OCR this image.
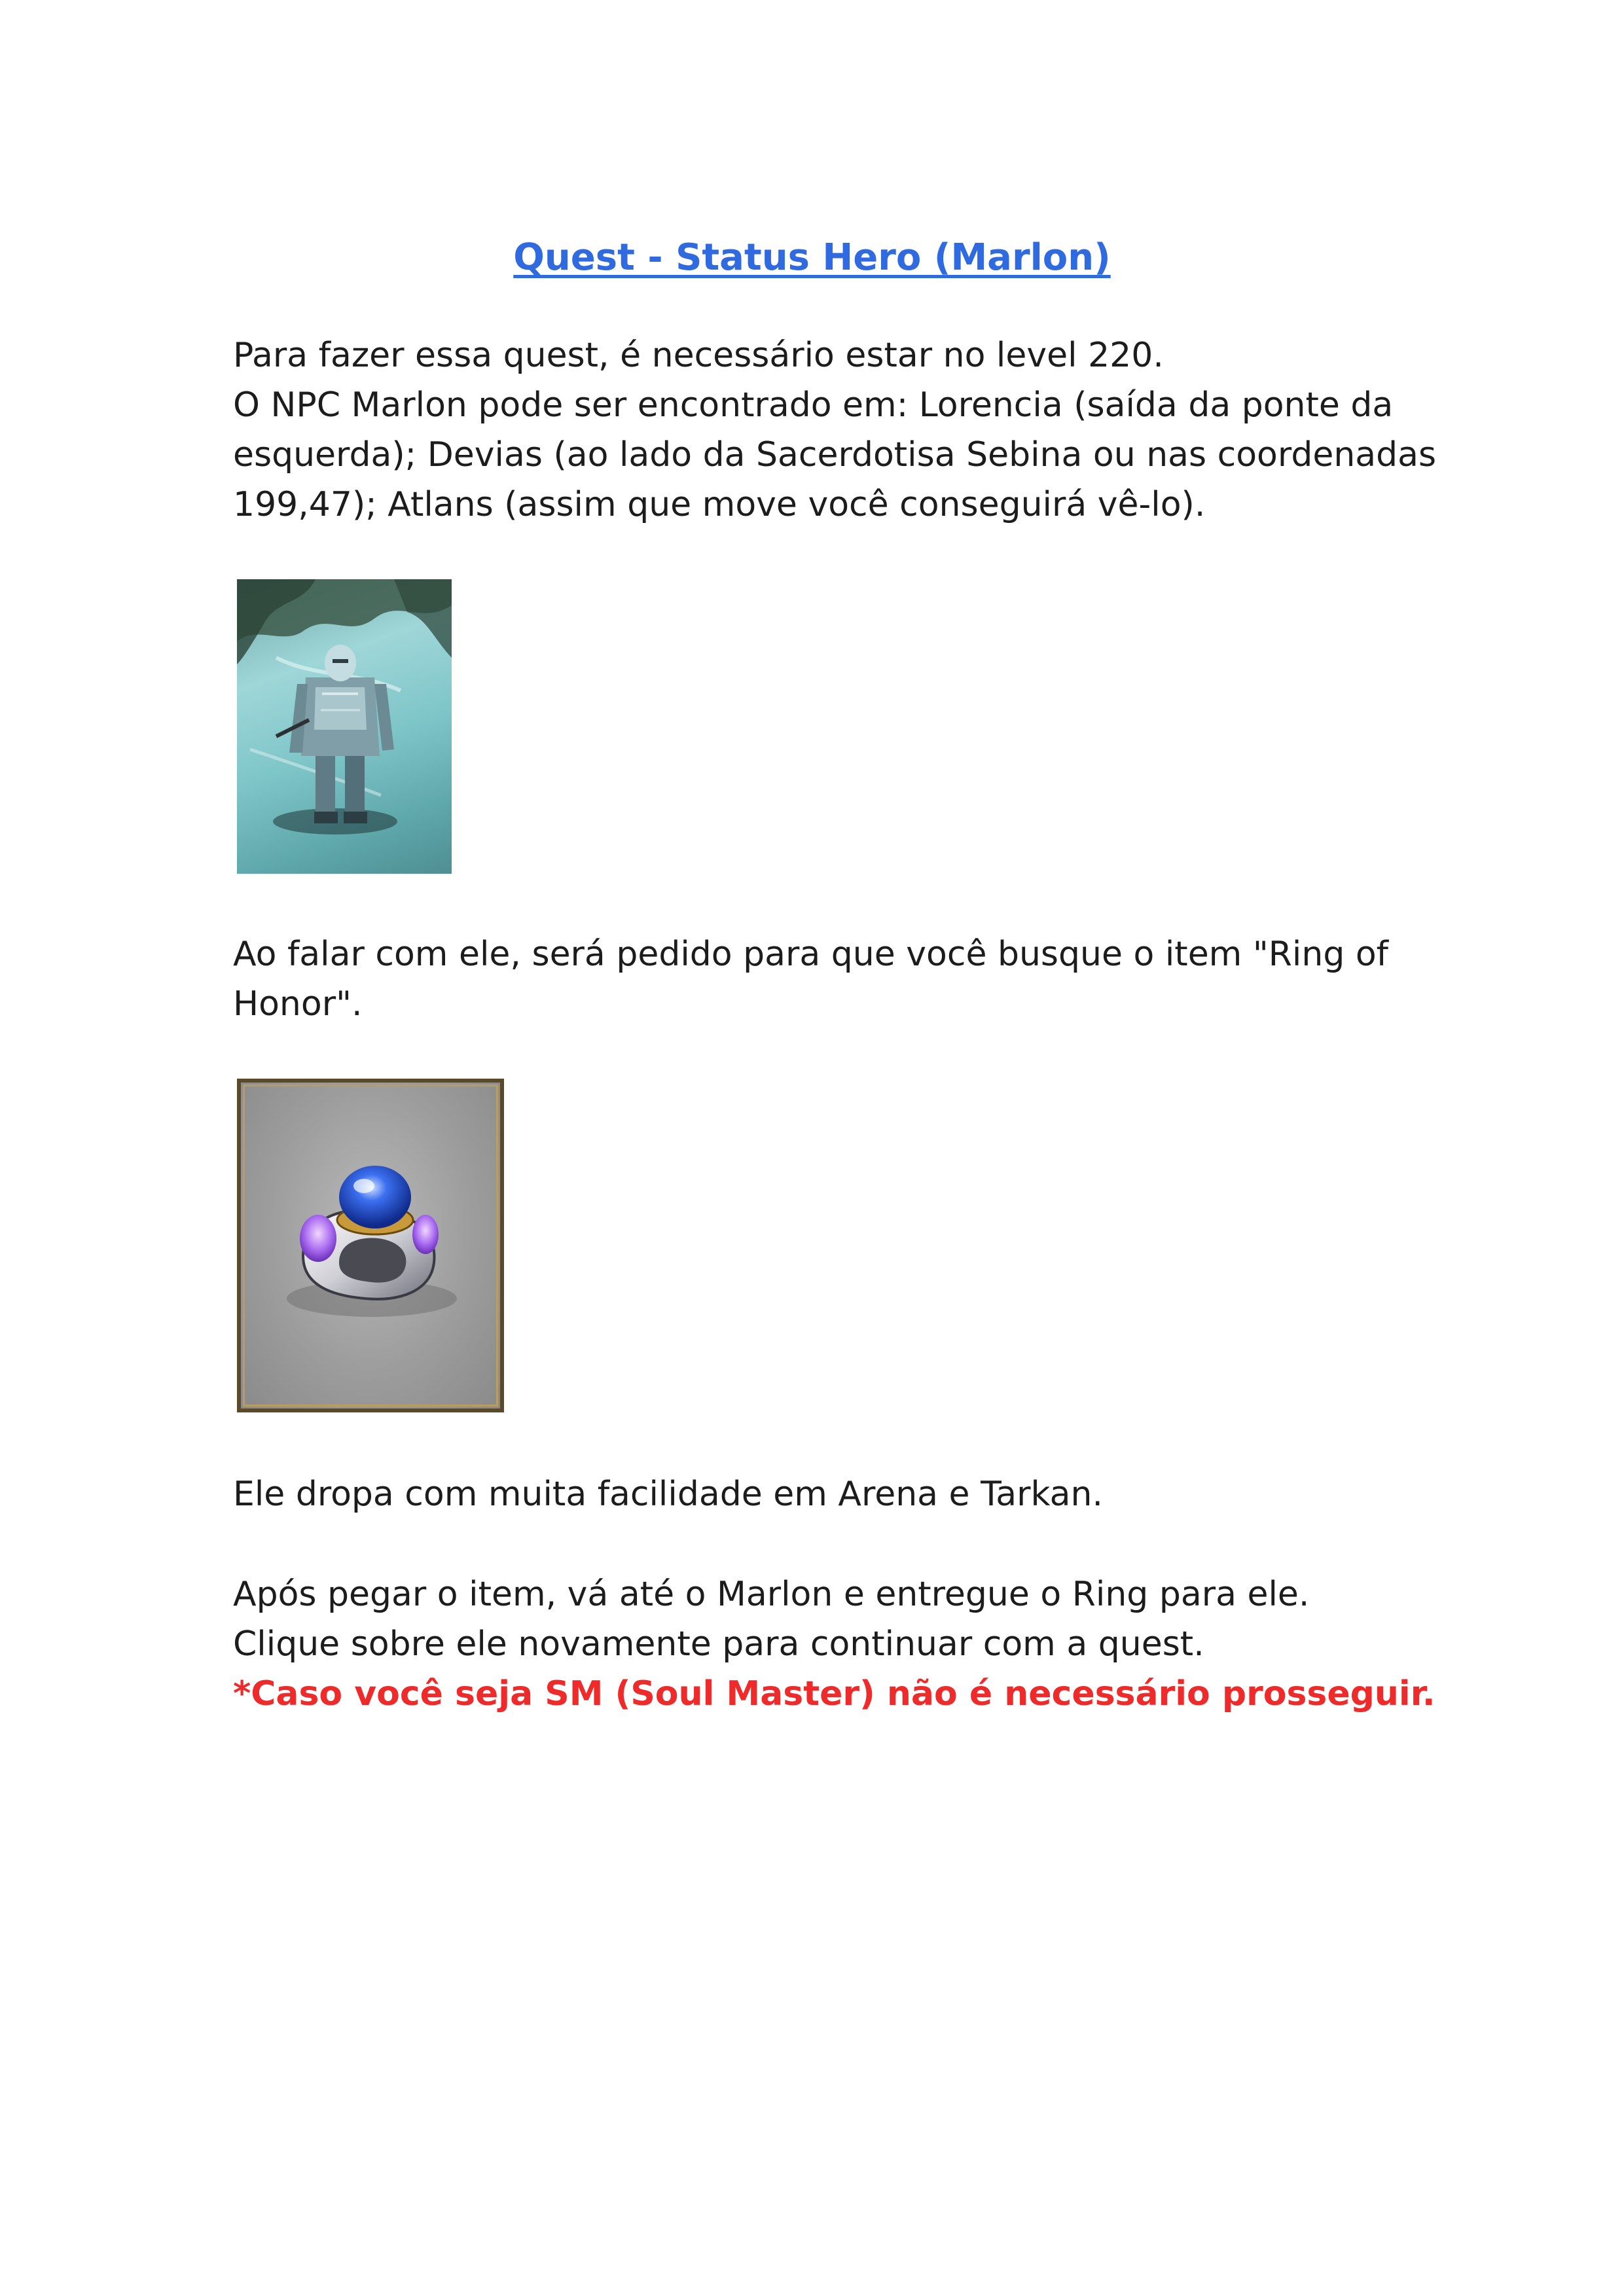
Quest - Status Hero (Marlon)
Para fazer essa quest, é necessário estar no level 220.
O NPC Marlon pode ser encontrado em: Lorencia (saída da ponte da
esquerda); Devias (ao lado da Sacerdotisa Sebina ou nas coordenadas
199,47); Atlans (assim que move você conseguirá vê-lo).
Ao falar com ele, será pedido para que você busque o item "Ring of
Honor".
Ele dropa com muita facilidade em Arena e Tarkan.
Após pegar o item, vá até o Marlon e entregue o Ring para ele.
Clique sobre ele novamente para continuar com a quest.
*Caso você seja SM (Soul Master) não é necessário prosseguir.
